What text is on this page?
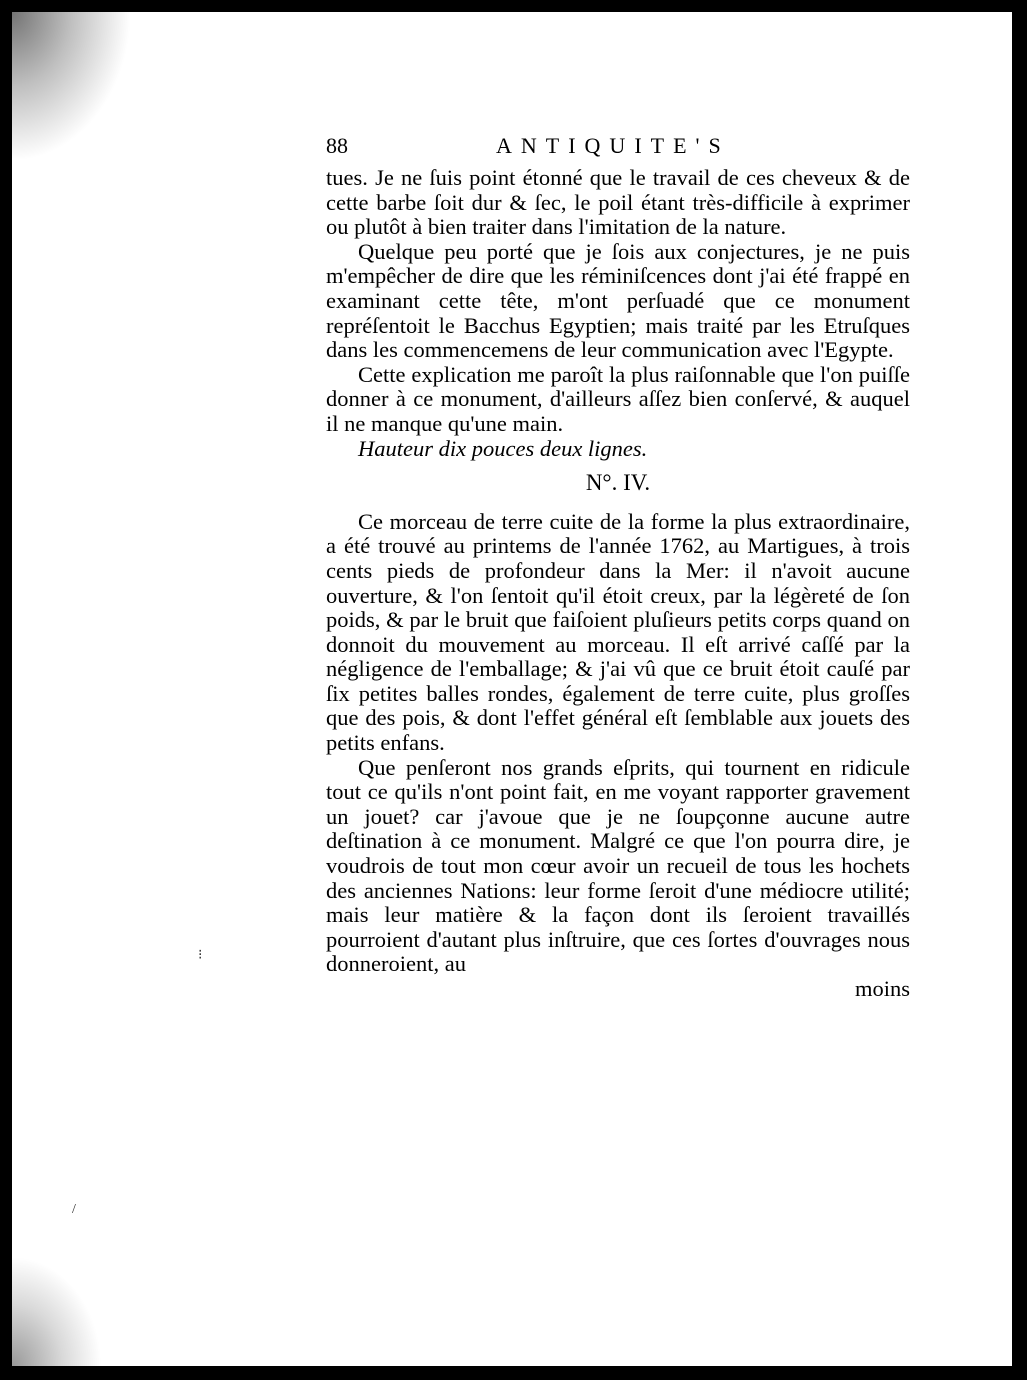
⁝
/
88	ANTIQUITE'S

tues. Je ne ſuis point étonné que le travail de ces cheveux & de cette barbe ſoit dur & ſec, le poil étant très-difficile à exprimer ou plutôt à bien traiter dans l'imitation de la nature.

Quelque peu porté que je ſois aux conjectures, je ne puis m'empêcher de dire que les réminiſcences dont j'ai été frappé en examinant cette tête, m'ont perſuadé que ce monument repréſentoit le Bacchus Egyptien; mais traité par les Etruſques dans les commencemens de leur communication avec l'Egypte.

Cette explication me paroît la plus raiſonnable que l'on puiſſe donner à ce monument, d'ailleurs aſſez bien conſervé, & auquel il ne manque qu'une main.

Hauteur dix pouces deux lignes.

N°. IV.

Ce morceau de terre cuite de la forme la plus extraordinaire, a été trouvé au printems de l'année 1762, au Martigues, à trois cents pieds de profondeur dans la Mer: il n'avoit aucune ouverture, & l'on ſentoit qu'il étoit creux, par la légèreté de ſon poids, & par le bruit que faiſoient pluſieurs petits corps quand on donnoit du mouvement au morceau. Il eſt arrivé caſſé par la négligence de l'emballage; & j'ai vû que ce bruit étoit cauſé par ſix petites balles rondes, également de terre cuite, plus groſſes que des pois, & dont l'effet général eſt ſemblable aux jouets des petits enfans.

Que penſeront nos grands eſprits, qui tournent en ridicule tout ce qu'ils n'ont point fait, en me voyant rapporter gravement un jouet? car j'avoue que je ne ſoupçonne aucune autre deſtination à ce monument. Malgré ce que l'on pourra dire, je voudrois de tout mon cœur avoir un recueil de tous les hochets des anciennes Nations: leur forme ſeroit d'une médiocre utilité; mais leur matière & la façon dont ils ſeroient travaillés pourroient d'autant plus inſtruire, que ces ſortes d'ouvrages nous donneroient, au

moins
